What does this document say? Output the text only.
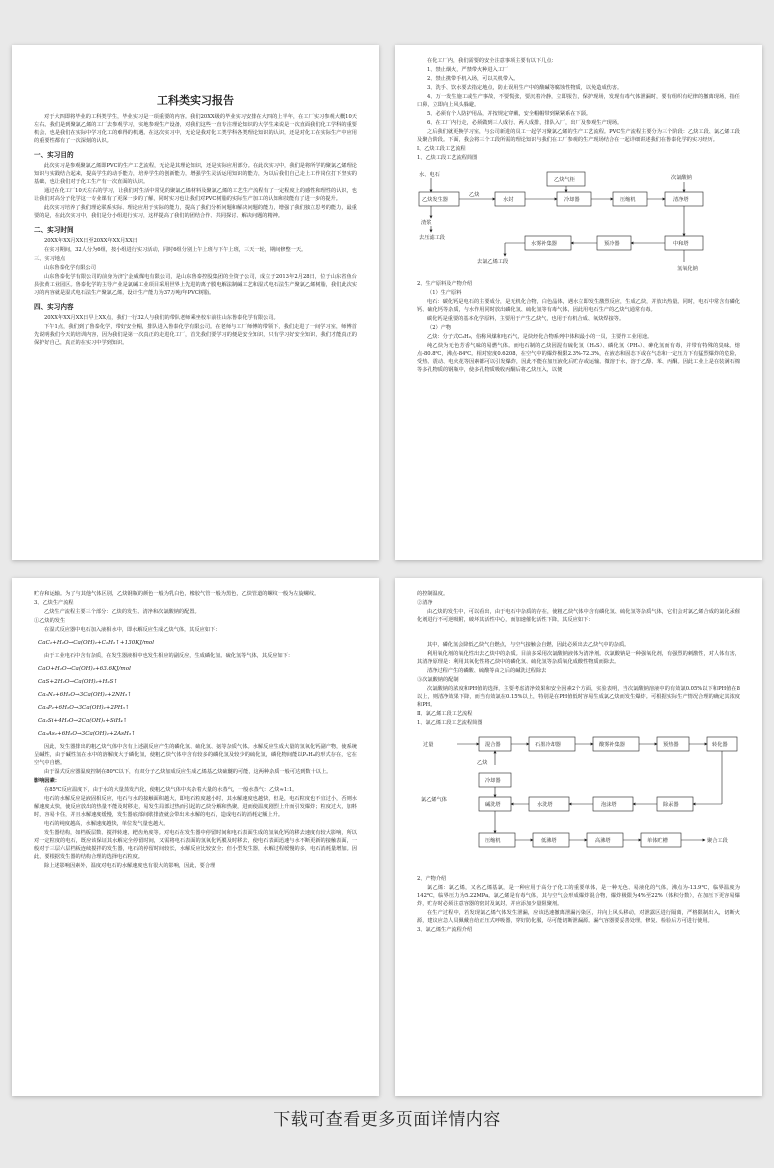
工科类实习报告

对于大四即将毕业的工科类学生，毕业实习是一项重要的内容。我们20XX级的毕业实习安排在大四的上半年，在工厂实习参观大概10天左右。我们是到聚氯乙烯的工厂去参观学习，实地参观生产设备，对我们这些一直专注理论知识的大学生来说是一次直面我们化工学科的重要机会，也是我们在实际中学习化工的难得的机遇。在这次实习中，无论是我对化工类学科各类理论知识的认识，还是对化工在实际生产中应用的重要性都有了一次深刻的认识。

一、实习目的

此次实习是参观聚氯乙烯即PVC的生产工艺流程，无论是其理论知识，还是实际应用部分。在此次实习中，我们是将所学的聚氯乙烯理论知识与实践结合起来，提高学生的动手能力，培养学生的创新能力，增强学生灵活运用知识的能力，为以后我们自己走上工作岗位打下坚实的基础，也让我们对于化工生产有一次直面的认识。

通过在化工厂10天左右的学习，让我们对生活中常见的聚氯乙烯材料及聚氯乙烯的工艺生产流程有了一定程度上的感性和理性的认识，也让我们对高分子化学这一专业课有了更深一步的了解，同时实习也让我们对PVC树脂的实际生产加工的认知和技能有了进一步的提升。

此次实习培养了我们理论联系实际、理论应用于实际的能力，提高了我们分析问题和解决问题的能力，增强了我们独立思考的能力，最重要的是，在此次实习中，我们是分小组进行实习，这样提高了我们的团结合作、共同探讨、解决问题的精神。

二、实习时间

20XX年XX月XX日至20XX年XX月XX日

在实习期间，32人分为6组，按小组进行实习活动，同时6组分别上午上班与下午上班，三天一轮，期间修整一天。

三、实习地点

山东鲁泰化学有限公司

山东鲁泰化学有限公司的前身为济宁金威煤电有限公司，是山东鲁泰控股集团的全资子公司，成立于2013年2月28日，位于山东省鱼台县张黄工业园区。鲁泰化学的主导产业是氯碱工业项目采用世界上先进的离子膜电解法制碱工艺和湿式电石法生产聚氯乙烯树脂，我们此次实习的内容就是湿式电石法生产聚氯乙烯，设计生产能力为37万吨/年PVC树脂。

四、实习内容

20XX年XX月XX日早上XX点，我们一行32人与我们的带队老师乘坐校车前往山东鲁泰化学有限公司。

下午1点，我们到了鲁泰化学，带好安全帽，排队进入鲁泰化学有限公司。在老师与工厂师傅的带领下，我们走进了一间学习室，师傅首先说明我们今天的培训内容，因为我们是第一次真正的走进化工厂，首先我们要学习的便是安全知识，只有学习好安全知识，我们才能真正的保护好自己，真正的在实习中学到知识。

在化工厂内，我们需要的安全注意事项主要有以下几点：

1、禁止烟火，严禁带火种进入工厂

2、禁止携带手机入场，可以关机带入。

3、洗手、饮水要去指定地点，防止误用生产中的酸碱等腐蚀性物质，以免造成伤害。

4、万一发生施工或生产事故，不要慌张，要沉着冷静，立即报告，保护现场，发现有毒气体泄漏时，要有组织有纪律的撤离现场，指任口鼻，立即向上风头躲避。

5、必须有个人防护用品，并按规定穿戴，安全帽帽带到紧紧系在下颌。

6、在工厂内行走，必须做到三人成行、两人成排，排队入厂，出厂及参观生产现场。

之后我们就更换学习室，与公司新进的员工一起学习聚氯乙烯的生产工艺流程。PVC生产流程主要分为三个阶段：乙炔工段、氯乙烯工段及聚合阶段。下面，我会将三个工段所需的理论知识与我们在工厂参观的生产现场结合在一起详细讲述我们在鲁泰化学的实习经历。

Ⅰ、乙炔工段工艺流程

1、乙炔工段工艺流程简图

水、电石
乙炔发生器
乙炔
水封
乙炔气柜
冷却器	压缩机
次氯酸钠
清净塔
渣浆
去压滤工段
去氯乙烯工段
水雾补集器	预冷器	中和塔
氢氧化钠

2、生产原料及产物介绍

（1）生产原料

电石：碳化钙是电石的主要成分，是无机化合物，白色晶体，遇水立即发生激烈反应，生成乙炔，并放出热量。同时，电石中常含有磷化钙、硫化钙等杂质，与水作用同时放出磷化氢、硫化氢等有毒气体，因此用电石生产的乙炔气通常有毒。

碳化钙是重要的基本化学原料，主要用于产生乙炔气，也用于有机合成、氧炔焊接等。

（2）产物

乙炔：分子式C₂H₂，俗称风煤和电石气，是炔烃化合物系列中体积最小的一员，主要作工业用途。

纯乙炔为无色芳香气味的易燃气体。而电石制的乙炔因混有硫化氢（H₂S）、磷化氢（PH₃）、砷化氢而有毒，并带有特殊的臭味。熔点-80.8℃，沸点-84℃。相对密度0.6208，在空气中的爆炸极限2.3%-72.3%，在液态和固态下或在气态和一定压力下有猛烈爆炸的危险，受热、震动、电火花等因素都可以引发爆炸，因此不能在加压液化后贮存或运输。微溶于水，溶于乙醇、苯、丙酮。因此工业上是在装满石棉等多孔物质的钢瓶中，使多孔物质吸收丙酮后将乙炔压入，以便

贮存和运输。为了与其他气体区别，乙炔钢瓶的颜色一般为乳白色，橡胶气管一般为黑色，乙炔管道的螺纹一般为左旋螺纹。

3、乙炔生产流程

乙炔生产流程主要三个部分：乙炔的发生、清净和次氯酸钠的配置。

①乙炔的发生

在湿式反应器中电石加入液相水中，即水解反应生成乙炔气体，其反应如下：

CaC₂+H₂O→Ca(OH)₂+C₂H₂↑+130KJ/mol

由于工业电石中含有杂质，在发生器液相中也发生相应的副反应，生成磷化氢、硫化氢等气体，其反应如下：

CaO+H₂O→Ca(OH)₂+63.6KJ/mol
CaS+2H₂O→Ca(OH)₂+H₂S↑
Ca₃N₂+6H₂O→3Ca(OH)₂+2NH₃↑
Ca₃P₂+6H₂O→3Ca(OH)₂+2PH₃↑
Ca₂Si+4H₂O→2Ca(OH)₂+SiH₄↑
Ca₃As₂+6H₂O→3Ca(OH)₂+2AsH₃↑

因此，发生器排出的粗乙炔气体中含有上述副反应产生的磷化氢、硫化氢、氨等杂质气体。水解反应生成大量的氢氧化钙副产物，使系统呈碱性，由于碱性氢在水中的溶解度大于磷化氢，使粗乙炔气体中含有较多的磷化氢及较少的硫化氢，磷化物间能以P₂H₄的形式存在，它在空气中自燃。

由于湿式反应器温度控制在80℃以下，有双分子乙炔加成反应生成乙烯基乙炔硫醚的可能，这两种杂质一般可达到数十以上。

影响因素：

在85℃反应温度下，由于水的大量蒸发汽化，使粗乙炔气体中夹杂着大量的水蒸气，一般水蒸气：乙炔≈1:1。

电石的水解反应是液固相反应，电石与水的接触面积越大，即电石粒度越小时，其水解速度也越快，但是，电石粒度也不宜过小，否则水解速度太快，使反应放出的热量不能及时移走，易发生局部过热而引起的乙炔分解和热聚，进而使温度剧烈上升而引发爆炸；粒度过大，加料时，容易卡住，并且水解速度缓慢，发生器底部间歇排渣就会带出未水解的电石，造成电石的消耗定额上升。

电石的纯度越高，水解速度越快，单位发气量也越大。

发生器结构，如档板层数、搅拌转速、耙齿角度等。对电石在发生器中停留时间和电石表面生成的氢氧化钙的移去速度有较大影响，所以对一定粒度的电石，既应该保证其水解完全停留时间，又需将电石表面的氢氧化钙膜及时移去，使电石表面迅速与水不断更新的接触表面，一般对于三层六层档板连续搅拌的发生器，电石的停留时间较长，水解反应比较安全；但小型发生器，水解过程缓慢的多，电石消耗量增加。因此，要根据发生器的结构合理的选择电石粒度。

除上述影响因素外，温度对电石的水解速度也有很大的影响，因此，要合理

的控制温度。

②清净

由乙炔的发生中，可以看出，由于电石中杂质的存在，使粗乙炔气体中含有磷化氢、硫化氢等杂质气体，它们会对氯乙烯合成的氯化汞催化剂进行不可逆吸附，破坏其活性中心，而加速催化活性下降，其反应如下：

其中，磷化氢会降低乙炔气自燃点，与空气接触会自燃，因此必须出去乙炔气中的杂质。

利用氧化剂的氧化性出去乙炔中的杂质。目前多采用次氯酸钠液体为清净剂。次氯酸钠是一种强氧化剂，有强烈的刺激性，对人体有害，其清净原理是：利用其氧化性将乙炔中的磷化氢、硫化氢等杂质氧化成酸性物质而除去。

清净过程产生的磷酸、硫酸等由之后的碱洗过程除去

③次氯酸钠的配制

次氯酸钠的浓度和PH值的选择，主要考虑清净效果和安全因素2个方面，实验表明，当次氯酸钠溶液中的有效氯0.05%以下和PH值在8以上，则清净效果下降，而当有效氯在0.15%以上，特别是在PH值低时容易生成氯乙炔而发生爆炸。可根据实际生产情况合理的确定其浓度和PH。

Ⅱ、氯乙烯工段工艺流程

1、氯乙烯工段工艺流程简图

过量
乙炔
混合器	石墨冷却器	酸雾补集器	预热器	转化器
冷却器
氯乙烯气体
碱洗塔	水洗塔	泡沫塔	除汞器
压缩机	低沸塔	高沸塔	单体贮槽	聚合工段

2、产物介绍

氯乙烯：氯乙烯，又名乙烯基氯，是一种应用于高分子化工的重要单体，是一种无色、易液化的气体，沸点为-13.9℃，临界温度为142℃，临界压力为5.22MPa。氯乙烯是有毒气体，其与空气会形成爆炸混合物，爆炸极限为4%至22%（体积分数），在加压下更容易爆炸，贮存时必须注意容器的密封及氮封，并应添加少量阻聚剂。

在生产过程中，若发现氯乙烯气体发生泄漏，应该迅速撤离泄漏污染区，并向上风头移动，对泄露区进行隔离，严格限制出入，切断火源，建议应急人员佩戴自给正压式呼吸器，穿好防化服，尽可能切断泄漏源。漏气容器要妥善处理，修复、检验后方可进行使用。

3、氯乙烯生产流程介绍

下载可查看更多页面详情内容
